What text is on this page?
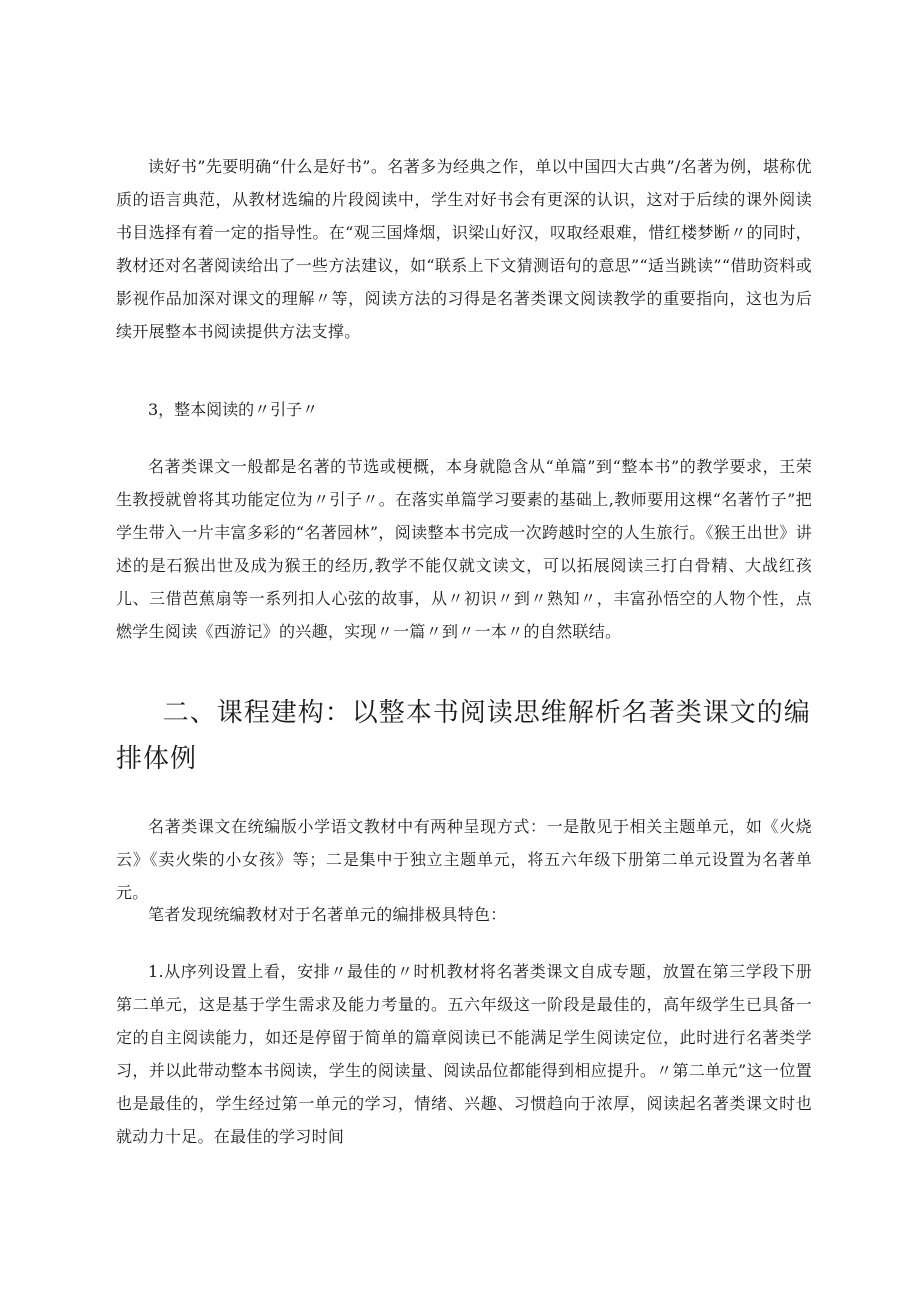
读好书”先要明确“什么是好书”。名著多为经典之作，单以中国四大古典”/名著为例，堪称优质的语言典范，从教材选编的片段阅读中，学生对好书会有更深的认识，这对于后续的课外阅读书目选择有着一定的指导性。在“观三国烽烟，识梁山好汉，叹取经艰难，惜红楼梦断〃的同时，教材还对名著阅读给出了一些方法建议，如“联系上下文猜测语句的意思”“适当跳读”“借助资料或影视作品加深对课文的理解〃等，阅读方法的习得是名著类课文阅读教学的重要指向，这也为后续开展整本书阅读提供方法支撑。

3，整本阅读的〃引子〃

名著类课文一般都是名著的节选或梗概，本身就隐含从“单篇”到“整本书”的教学要求，王荣生教授就曾将其功能定位为〃引子〃。在落实单篇学习要素的基础上,教师要用这棵“名著竹子”把学生带入一片丰富多彩的“名著园林”，阅读整本书完成一次跨越时空的人生旅行。《猴王出世》讲述的是石猴出世及成为猴王的经历,教学不能仅就文读文，可以拓展阅读三打白骨精、大战红孩儿、三借芭蕉扇等一系列扣人心弦的故事，从〃初识〃到〃熟知〃，丰富孙悟空的人物个性，点燃学生阅读《西游记》的兴趣，实现〃一篇〃到〃一本〃的自然联结。

二、课程建构：以整本书阅读思维解析名著类课文的编排体例

名著类课文在统编版小学语文教材中有两种呈现方式：一是散见于相关主题单元，如《火烧云》《卖火柴的小女孩》等；二是集中于独立主题单元，将五六年级下册第二单元设置为名著单元。

笔者发现统编教材对于名著单元的编排极具特色：

1.从序列设置上看，安排〃最佳的〃时机教材将名著类课文自成专题，放置在第三学段下册第二单元，这是基于学生需求及能力考量的。五六年级这一阶段是最佳的，高年级学生已具备一定的自主阅读能力，如还是停留于简单的篇章阅读已不能满足学生阅读定位，此时进行名著类学习，并以此带动整本书阅读，学生的阅读量、阅读品位都能得到相应提升。〃第二单元”这一位置也是最佳的，学生经过第一单元的学习，情绪、兴趣、习惯趋向于浓厚，阅读起名著类课文时也就动力十足。在最佳的学习时间
